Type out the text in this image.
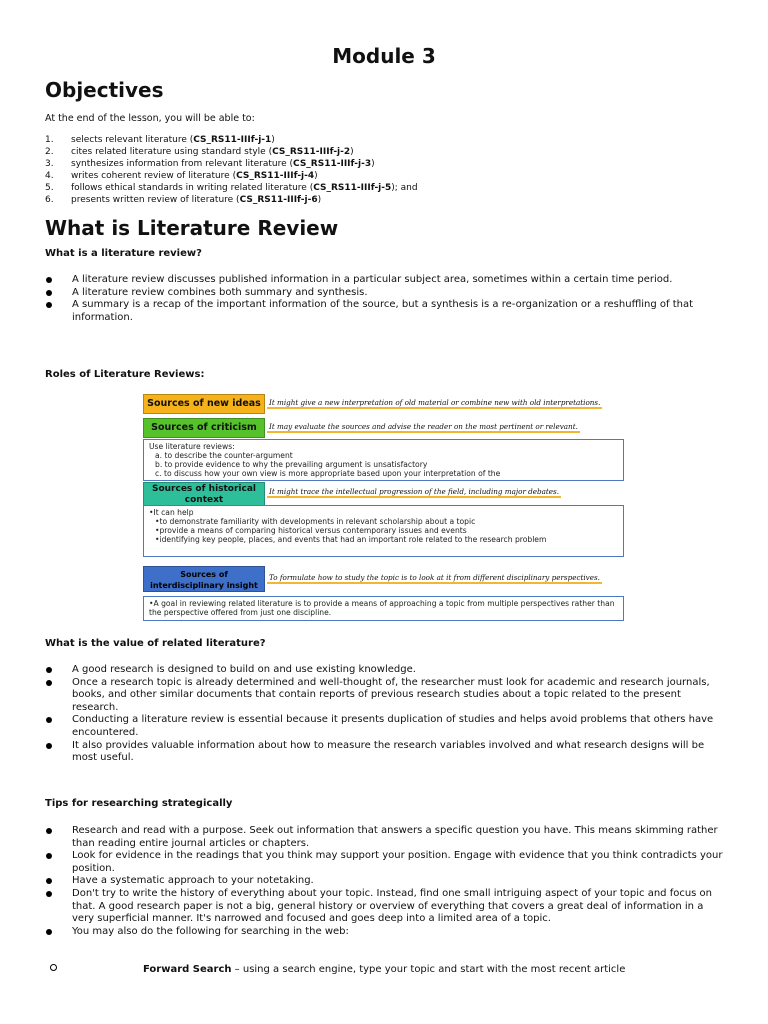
Module 3
Objectives
At the end of the lesson, you will be able to:
1. selects relevant literature (CS_RS11-IIIf-j-1)
2. cites related literature using standard style (CS_RS11-IIIf-j-2)
3. synthesizes information from relevant literature (CS_RS11-IIIf-j-3)
4. writes coherent review of literature (CS_RS11-IIIf-j-4)
5. follows ethical standards in writing related literature (CS_RS11-IIIf-j-5); and
6. presents written review of literature (CS_RS11-IIIf-j-6)
What is Literature Review
What is a literature review?
A literature review discusses published information in a particular subject area, sometimes within a certain time period.
A literature review combines both summary and synthesis.
A summary is a recap of the important information of the source, but a synthesis is a re-organization or a reshuffling of that information.
Roles of Literature Reviews:
Sources of new ideas	It might give a new interpretation of old material or combine new with old interpretations.
Sources of criticism	It may evaluate the sources and advise the reader on the most pertinent or relevant.
Use literature reviews:
a. to describe the counter-argument
b. to provide evidence to why the prevailing argument is unsatisfactory
c. to discuss how your own view is more appropriate based upon your interpretation of the
Sources of historical context
It might trace the intellectual progression of the field, including major debates.
•It can help
•to demonstrate familiarity with developments in relevant scholarship about a topic
•provide a means of comparing historical versus contemporary issues and events
•identifying key people, places, and events that had an important role related to the research problem
Sources of interdisciplinary insight
To formulate how to study the topic is to look at it from different disciplinary perspectives.
•A goal in reviewing related literature is to provide a means of approaching a topic from multiple perspectives rather than the perspective offered from just one discipline.
What is the value of related literature?
A good research is designed to build on and use existing knowledge.
Once a research topic is already determined and well-thought of, the researcher must look for academic and research journals, books, and other similar documents that contain reports of previous research studies about a topic related to the present research.
Conducting a literature review is essential because it presents duplication of studies and helps avoid problems that others have encountered.
It also provides valuable information about how to measure the research variables involved and what research designs will be most useful.
Tips for researching strategically
Research and read with a purpose. Seek out information that answers a specific question you have. This means skimming rather than reading entire journal articles or chapters.
Look for evidence in the readings that you think may support your position. Engage with evidence that you think contradicts your position.
Have a systematic approach to your notetaking.
Don't try to write the history of everything about your topic. Instead, find one small intriguing aspect of your topic and focus on that. A good research paper is not a big, general history or overview of everything that covers a great deal of information in a very superficial manner. It's narrowed and focused and goes deep into a limited area of a topic.
You may also do the following for searching in the web:
Forward Search – using a search engine, type your topic and start with the most recent article
